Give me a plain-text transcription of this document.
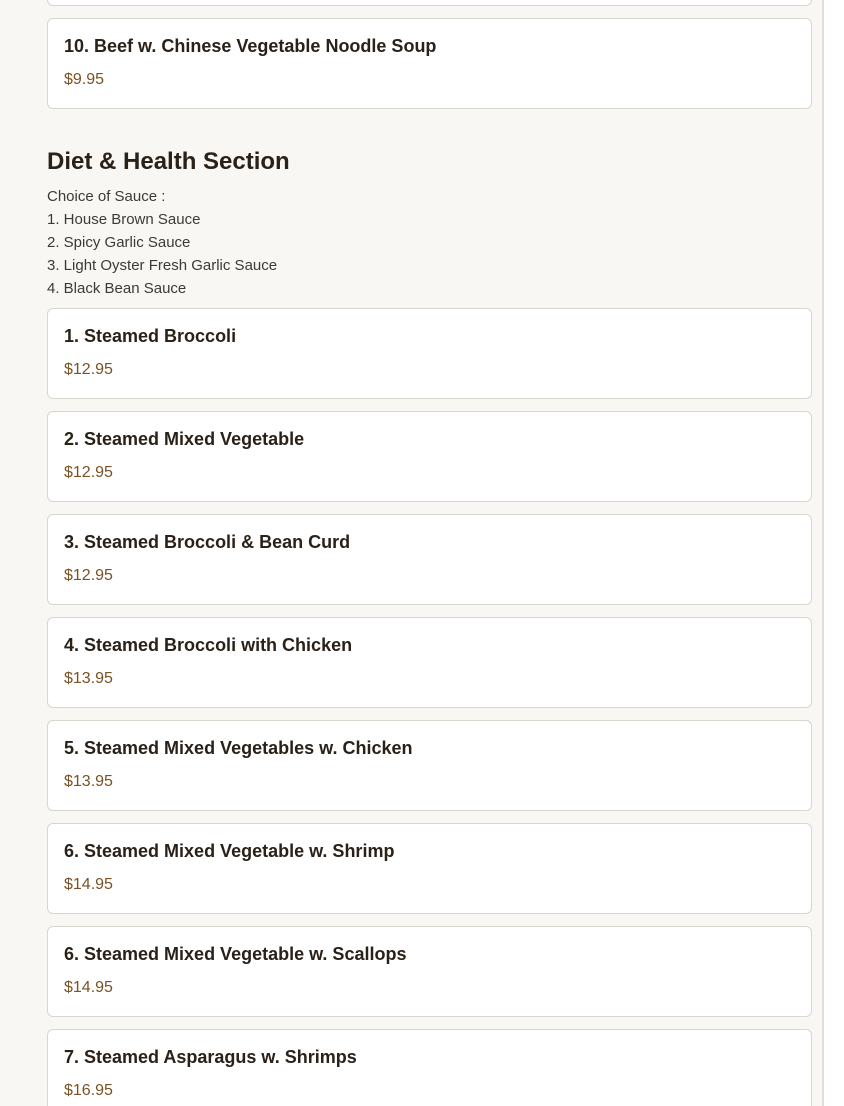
10. Beef w. Chinese Vegetable Noodle Soup
$9.95
Diet & Health Section
Choice of Sauce :
1. House Brown Sauce
2. Spicy Garlic Sauce
3. Light Oyster Fresh Garlic Sauce
4. Black Bean Sauce
1. Steamed Broccoli
$12.95
2. Steamed Mixed Vegetable
$12.95
3. Steamed Broccoli & Bean Curd
$12.95
4. Steamed Broccoli with Chicken
$13.95
5. Steamed Mixed Vegetables w. Chicken
$13.95
6. Steamed Mixed Vegetable w. Shrimp
$14.95
6. Steamed Mixed Vegetable w. Scallops
$14.95
7. Steamed Asparagus w. Shrimps
$16.95
